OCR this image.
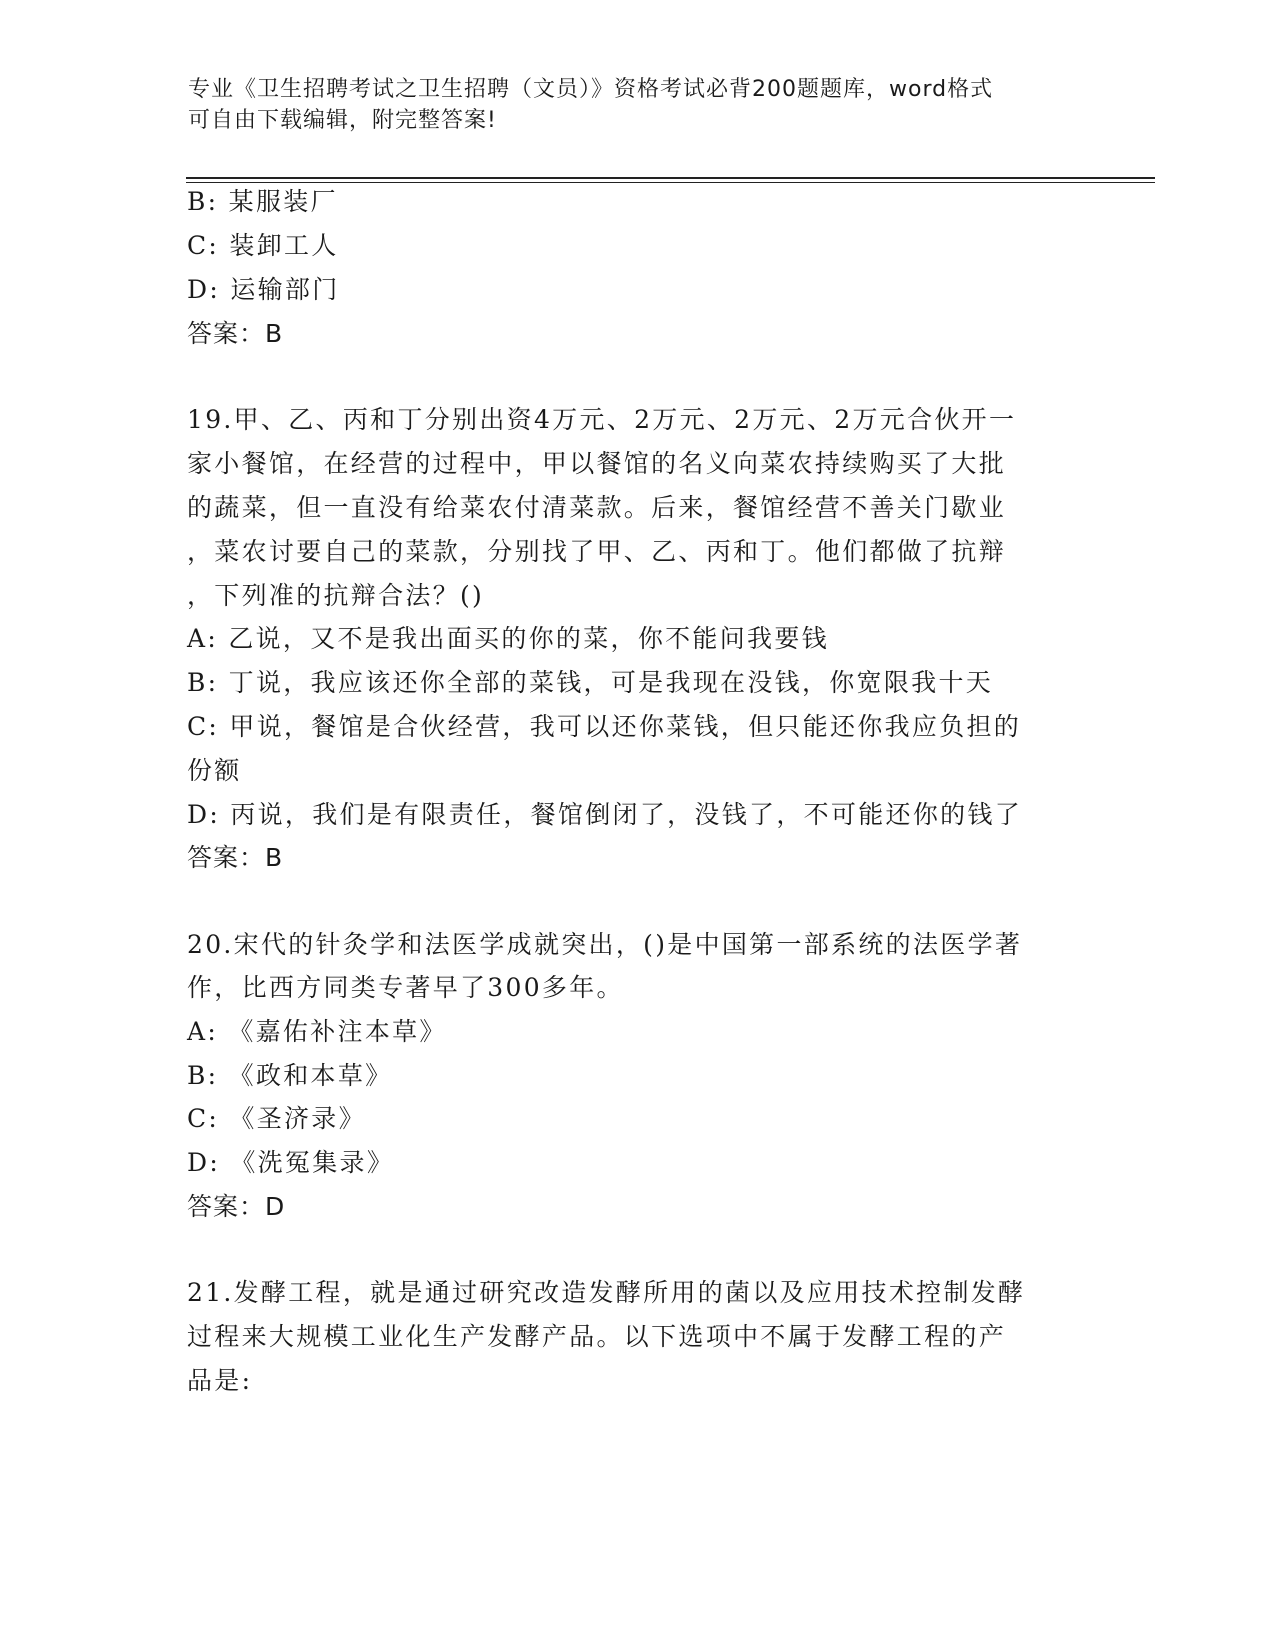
专业《卫生招聘考试之卫生招聘（文员）》资格考试必背200题题库，word格式
可自由下载编辑，附完整答案!
B: 某服装厂
C: 装卸工人
D: 运输部门
答案：B
19.甲、乙、丙和丁分别出资4万元、2万元、2万元、2万元合伙开一
家小餐馆，在经营的过程中，甲以餐馆的名义向菜农持续购买了大批
的蔬菜，但一直没有给菜农付清菜款。后来，餐馆经营不善关门歇业
，菜农讨要自己的菜款，分别找了甲、乙、丙和丁。他们都做了抗辩
，下列准的抗辩合法？()
A: 乙说，又不是我出面买的你的菜，你不能问我要钱
B: 丁说，我应该还你全部的菜钱，可是我现在没钱，你宽限我十天
C: 甲说，餐馆是合伙经营，我可以还你菜钱，但只能还你我应负担的
份额
D: 丙说，我们是有限责任，餐馆倒闭了，没钱了，不可能还你的钱了
答案：B
20.宋代的针灸学和法医学成就突出，()是中国第一部系统的法医学著
作，比西方同类专著早了300多年。
A: 《嘉佑补注本草》
B: 《政和本草》
C: 《圣济录》
D: 《洗冤集录》
答案：D
21.发酵工程，就是通过研究改造发酵所用的菌以及应用技术控制发酵
过程来大规模工业化生产发酵产品。以下选项中不属于发酵工程的产
品是:
